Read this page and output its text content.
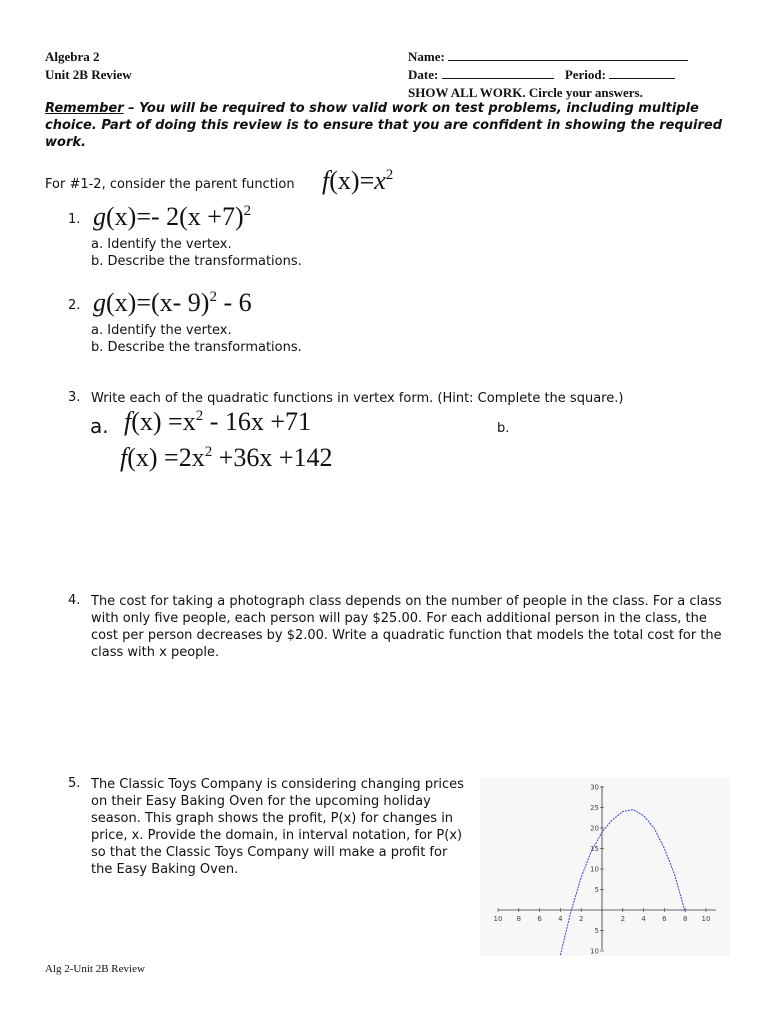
Algebra 2
Unit 2B Review
Name:
Date:	Period:
SHOW ALL WORK. Circle your answers.
Remember – You will be required to show valid work on test problems, including multiple choice. Part of doing this review is to ensure that you are confident in showing the required work.
For #1-2, consider the parent function $f(x)=x^2$
1. g(x)=- $2(x +7)^2$
a. Identify the vertex.
b. Describe the transformations.
2. g(x)=(x- 9)$^2$ - 6
a. Identify the vertex.
b. Describe the transformations.
3. Write each of the quadratic functions in vertex form. (Hint: Complete the square.)
a. $f(x) =x^2 - 16x +71$	b.
$f(x) =2x^2 +36x +142$
4. The cost for taking a photograph class depends on the number of people in the class. For a class with only five people, each person will pay $25.00. For each additional person in the class, the cost per person decreases by $2.00. Write a quadratic function that models the total cost for the class with x people.
5. The Classic Toys Company is considering changing prices on their Easy Baking Oven for the upcoming holiday season. This graph shows the profit, P(x) for changes in price, x. Provide the domain, in interval notation, for P(x) so that the Classic Toys Company will make a profit for the Easy Baking Oven.
10 8 6 4 2	2 4 6 8 10
30
25
20
15
10
5
5
10
Alg 2-Unit 2B Review
